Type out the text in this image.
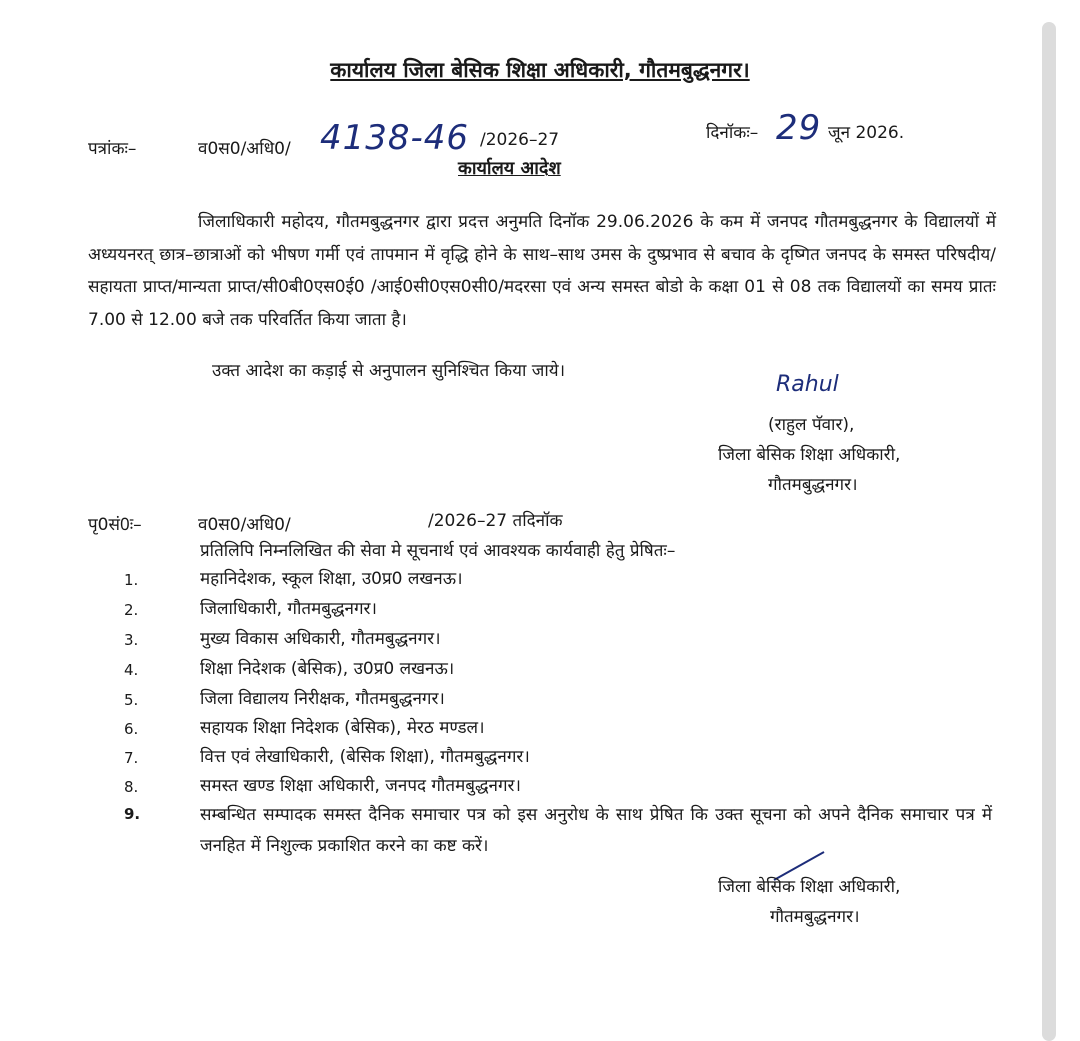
कार्यालय जिला बेसिक शिक्षा अधिकारी, गौतमबुद्धनगर।
पत्रांकः–	व0स0/अधि0/ 4138-46 /2026–27	दिनॉकः– 29 जून 2026.
कार्यालय आदेश
जिलाधिकारी महोदय, गौतमबुद्धनगर द्वारा प्रदत्त अनुमति दिनॉक 29.06.2026 के कम में जनपद गौतमबुद्धनगर के विद्यालयों में अध्ययनरत् छात्र–छात्राओं को भीषण गर्मी एवं तापमान में वृद्धि होने के साथ–साथ उमस के दुष्प्रभाव से बचाव के दृष्गित जनपद के समस्त परिषदीय/सहायता प्राप्त/मान्यता प्राप्त/सी0बी0एस0ई0 /आई0सी0एस0सी0/मदरसा एवं अन्य समस्त बोडो के कक्षा 01 से 08 तक विद्यालयों का समय प्रातः 7.00 से 12.00 बजे तक परिवर्तित किया जाता है।
उक्त आदेश का कड़ाई से अनुपालन सुनिश्चित किया जाये।
Rahul
(राहुल पॅवार),
जिला बेसिक शिक्षा अधिकारी,
गौतमबुद्धनगर।
पृ0सं0ः–	व0स0/अधि0/	/2026–27 तदिनॉक
प्रतिलिपि निम्नलिखित की सेवा मे सूचनार्थ एवं आवश्यक कार्यवाही हेतु प्रेषितः–
1.	महानिदेशक, स्कूल शिक्षा, उ0प्र0 लखनऊ।
2.	जिलाधिकारी, गौतमबुद्धनगर।
3.	मुख्य विकास अधिकारी, गौतमबुद्धनगर।
4.	शिक्षा निदेशक (बेसिक), उ0प्र0 लखनऊ।
5.	जिला विद्यालय निरीक्षक, गौतमबुद्धनगर।
6.	सहायक शिक्षा निदेशक (बेसिक), मेरठ मण्डल।
7.	वित्त एवं लेखाधिकारी, (बेसिक शिक्षा), गौतमबुद्धनगर।
8.	समस्त खण्ड शिक्षा अधिकारी, जनपद गौतमबुद्धनगर।
9.	सम्बन्धित सम्पादक समस्त दैनिक समाचार पत्र को इस अनुरोध के साथ प्रेषित कि उक्त सूचना को अपने दैनिक समाचार पत्र में जनहित में निशुल्क प्रकाशित करने का कष्ट करें।
जिला बेसिक शिक्षा अधिकारी,
गौतमबुद्धनगर।
